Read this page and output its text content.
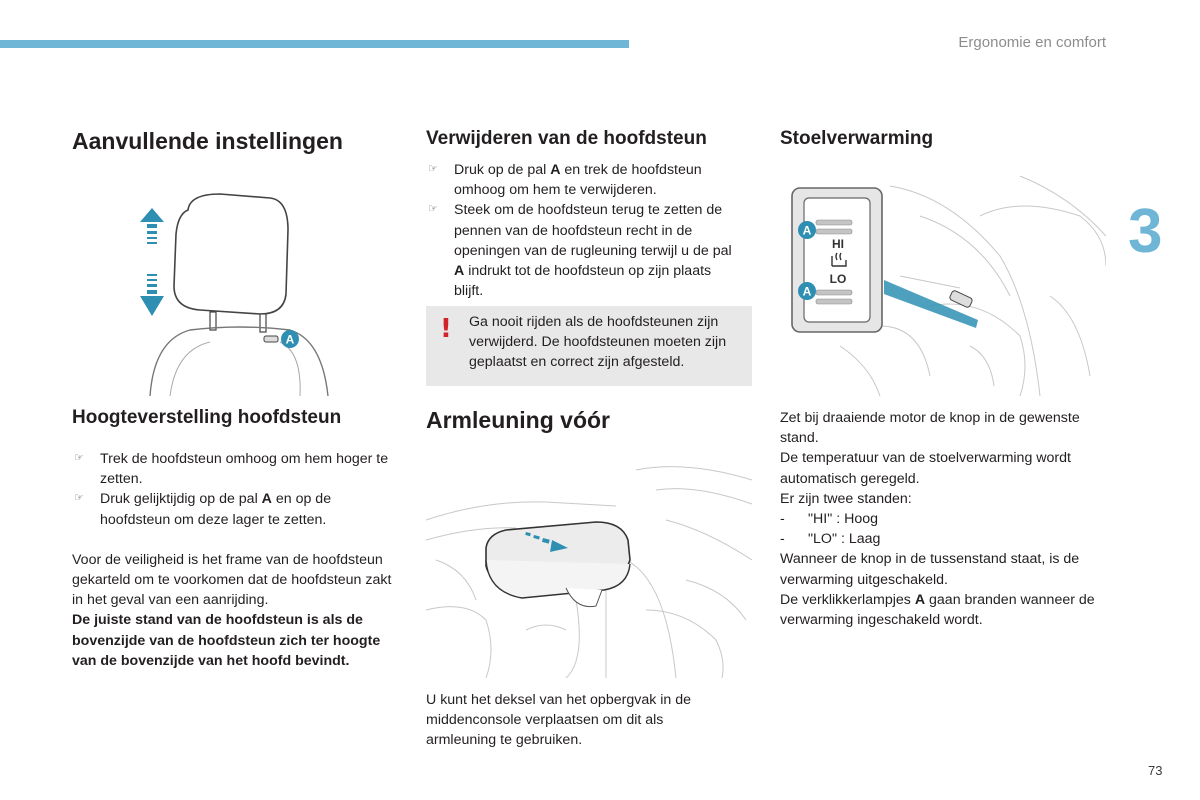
Ergonomie en comfort
3
73
Aanvullende instellingen
A
Hoogteverstelling hoofdsteun
☞ Trek de hoofdsteun omhoog om hem hoger te zetten.
☞ Druk gelijktijdig op de pal A en op de hoofdsteun om deze lager te zetten.

Voor de veiligheid is het frame van de hoofdsteun gekarteld om te voorkomen dat de hoofdsteun zakt in het geval van een aanrijding.

De juiste stand van de hoofdsteun is als de bovenzijde van de hoofdsteun zich ter hoogte van de bovenzijde van het hoofd bevindt.

Verwijderen van de hoofdsteun
☞ Druk op de pal A en trek de hoofdsteun omhoog om hem te verwijderen.
☞ Steek om de hoofdsteun terug te zetten de pennen van de hoofdsteun recht in de openingen van de rugleuning terwijl u de pal A indrukt tot de hoofdsteun op zijn plaats blijft.
! Ga nooit rijden als de hoofdsteunen zijn verwijderd. De hoofdsteunen moeten zijn geplaatst en correct zijn afgesteld.
Armleuning vóór
U kunt het deksel van het opbergvak in de middenconsole verplaatsen om dit als armleuning te gebruiken.
Stoelverwarming
HI
LO
A
A

Zet bij draaiende motor de knop in de gewenste stand.

De temperatuur van de stoelverwarming wordt automatisch geregeld.

Er zijn twee standen:

- "HI" : Hoog

- "LO" : Laag

Wanneer de knop in de tussenstand staat, is de verwarming uitgeschakeld.

De verklikkerlampjes A gaan branden wanneer de verwarming ingeschakeld wordt.
